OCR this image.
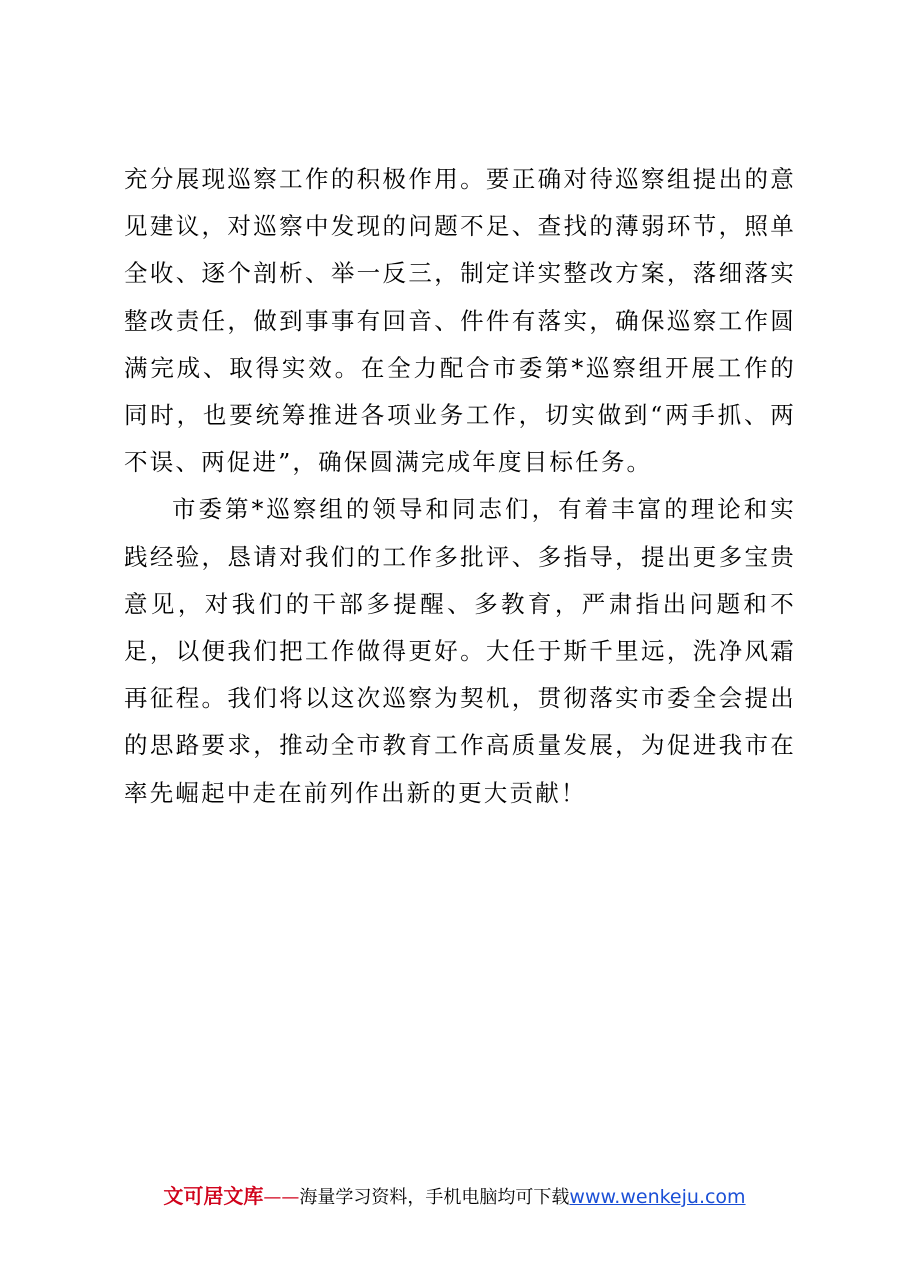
充分展现巡察工作的积极作用。要正确对待巡察组提出的意见建议，对巡察中发现的问题不足、查找的薄弱环节，照单全收、逐个剖析、举一反三，制定详实整改方案，落细落实整改责任，做到事事有回音、件件有落实，确保巡察工作圆满完成、取得实效。在全力配合市委第*巡察组开展工作的同时，也要统筹推进各项业务工作，切实做到“两手抓、两不误、两促进”，确保圆满完成年度目标任务。

市委第*巡察组的领导和同志们，有着丰富的理论和实践经验，恳请对我们的工作多批评、多指导，提出更多宝贵意见，对我们的干部多提醒、多教育，严肃指出问题和不足，以便我们把工作做得更好。大任于斯千里远，洗净风霜再征程。我们将以这次巡察为契机，贯彻落实市委全会提出的思路要求，推动全市教育工作高质量发展，为促进我市在率先崛起中走在前列作出新的更大贡献！

文可居文库——海量学习资料，手机电脑均可下载www.wenkeju.com
